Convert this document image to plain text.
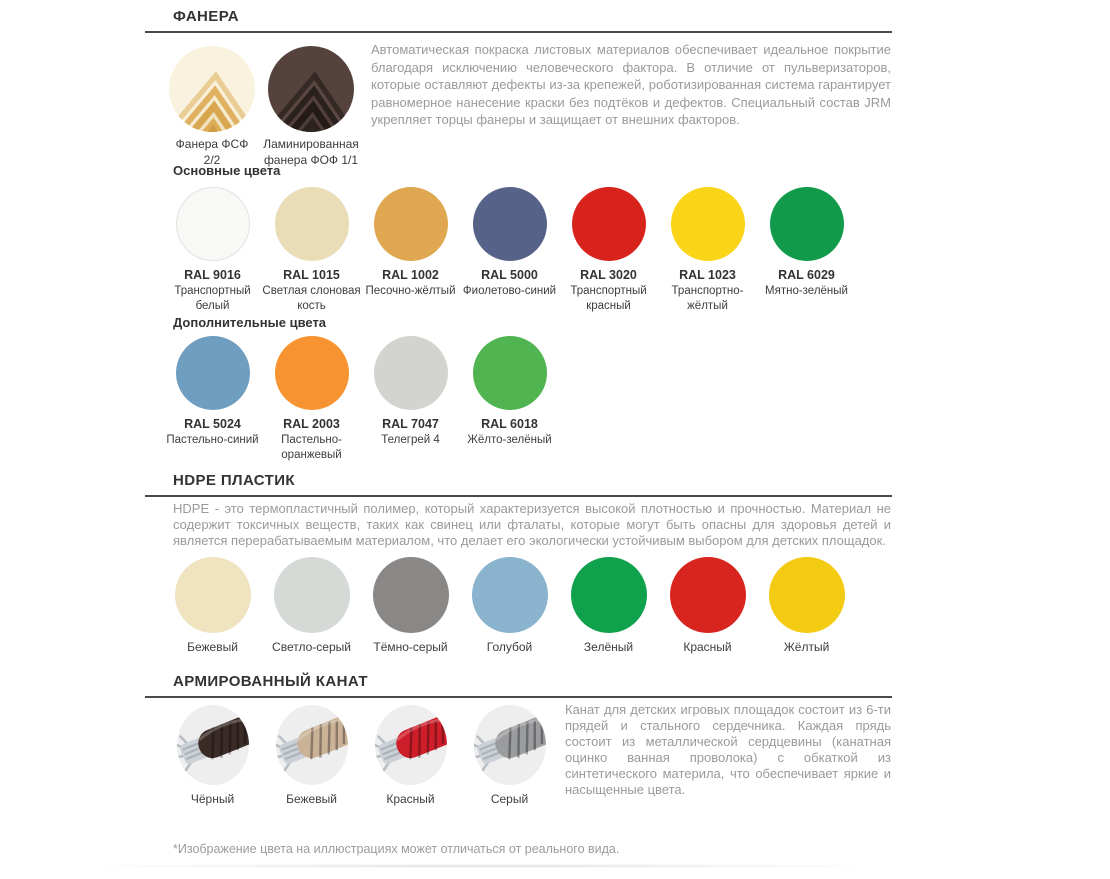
ФАНЕРА
Фанера ФСФ 2/2
Ламинированная фанера ФОФ 1/1

Автоматическая покраска листовых материалов обеспечивает идеальное покрытие благодаря исключению человеческого фактора. В отличие от пульверизаторов, которые оставляют дефекты из-за крепежей, роботизированная система гарантирует равномерное нанесение краски без подтёков и дефектов. Специальный состав JRM укрепляет торцы фанеры и защищает от внешних факторов.

Основные цвета
RAL 9016
Транспортный белый
RAL 1015
Светлая слоновая кость
RAL 1002
Песочно-жёлтый
RAL 5000
Фиолетово-синий
RAL 3020
Транспортный красный
RAL 1023
Транспортно-жёлтый
RAL 6029
Мятно-зелёный
Дополнительные цвета
RAL 5024
Пастельно-синий
RAL 2003
Пастельно-оранжевый
RAL 7047
Телегрей 4
RAL 6018
Жёлто-зелёный
HDPE ПЛАСТИК

HDPE - это термопластичный полимер, который характеризуется высокой плотностью и прочностью. Материал не содержит токсичных веществ, таких как свинец или фталаты, которые могут быть опасны для здоровья детей и является перерабатываемым материалом, что делает его экологически устойчивым выбором для детских площадок.

Бежевый	Светло-серый Тёмно-серый	Голубой	Зелёный	Красный	Жёлтый
АРМИРОВАННЫЙ КАНАТ
Чёрный	Бежевый	Красный	Серый

Канат для детских игровых площадок состоит из 6-ти прядей и стального сердечника. Каждая прядь состоит из металлической сердцевины (канатная оцинко ванная проволока) с обкаткой из синтетического материла, что обеспечивает яркие и насыщенные цвета.

*Изображение цвета на иллюстрациях может отличаться от реального вида.
